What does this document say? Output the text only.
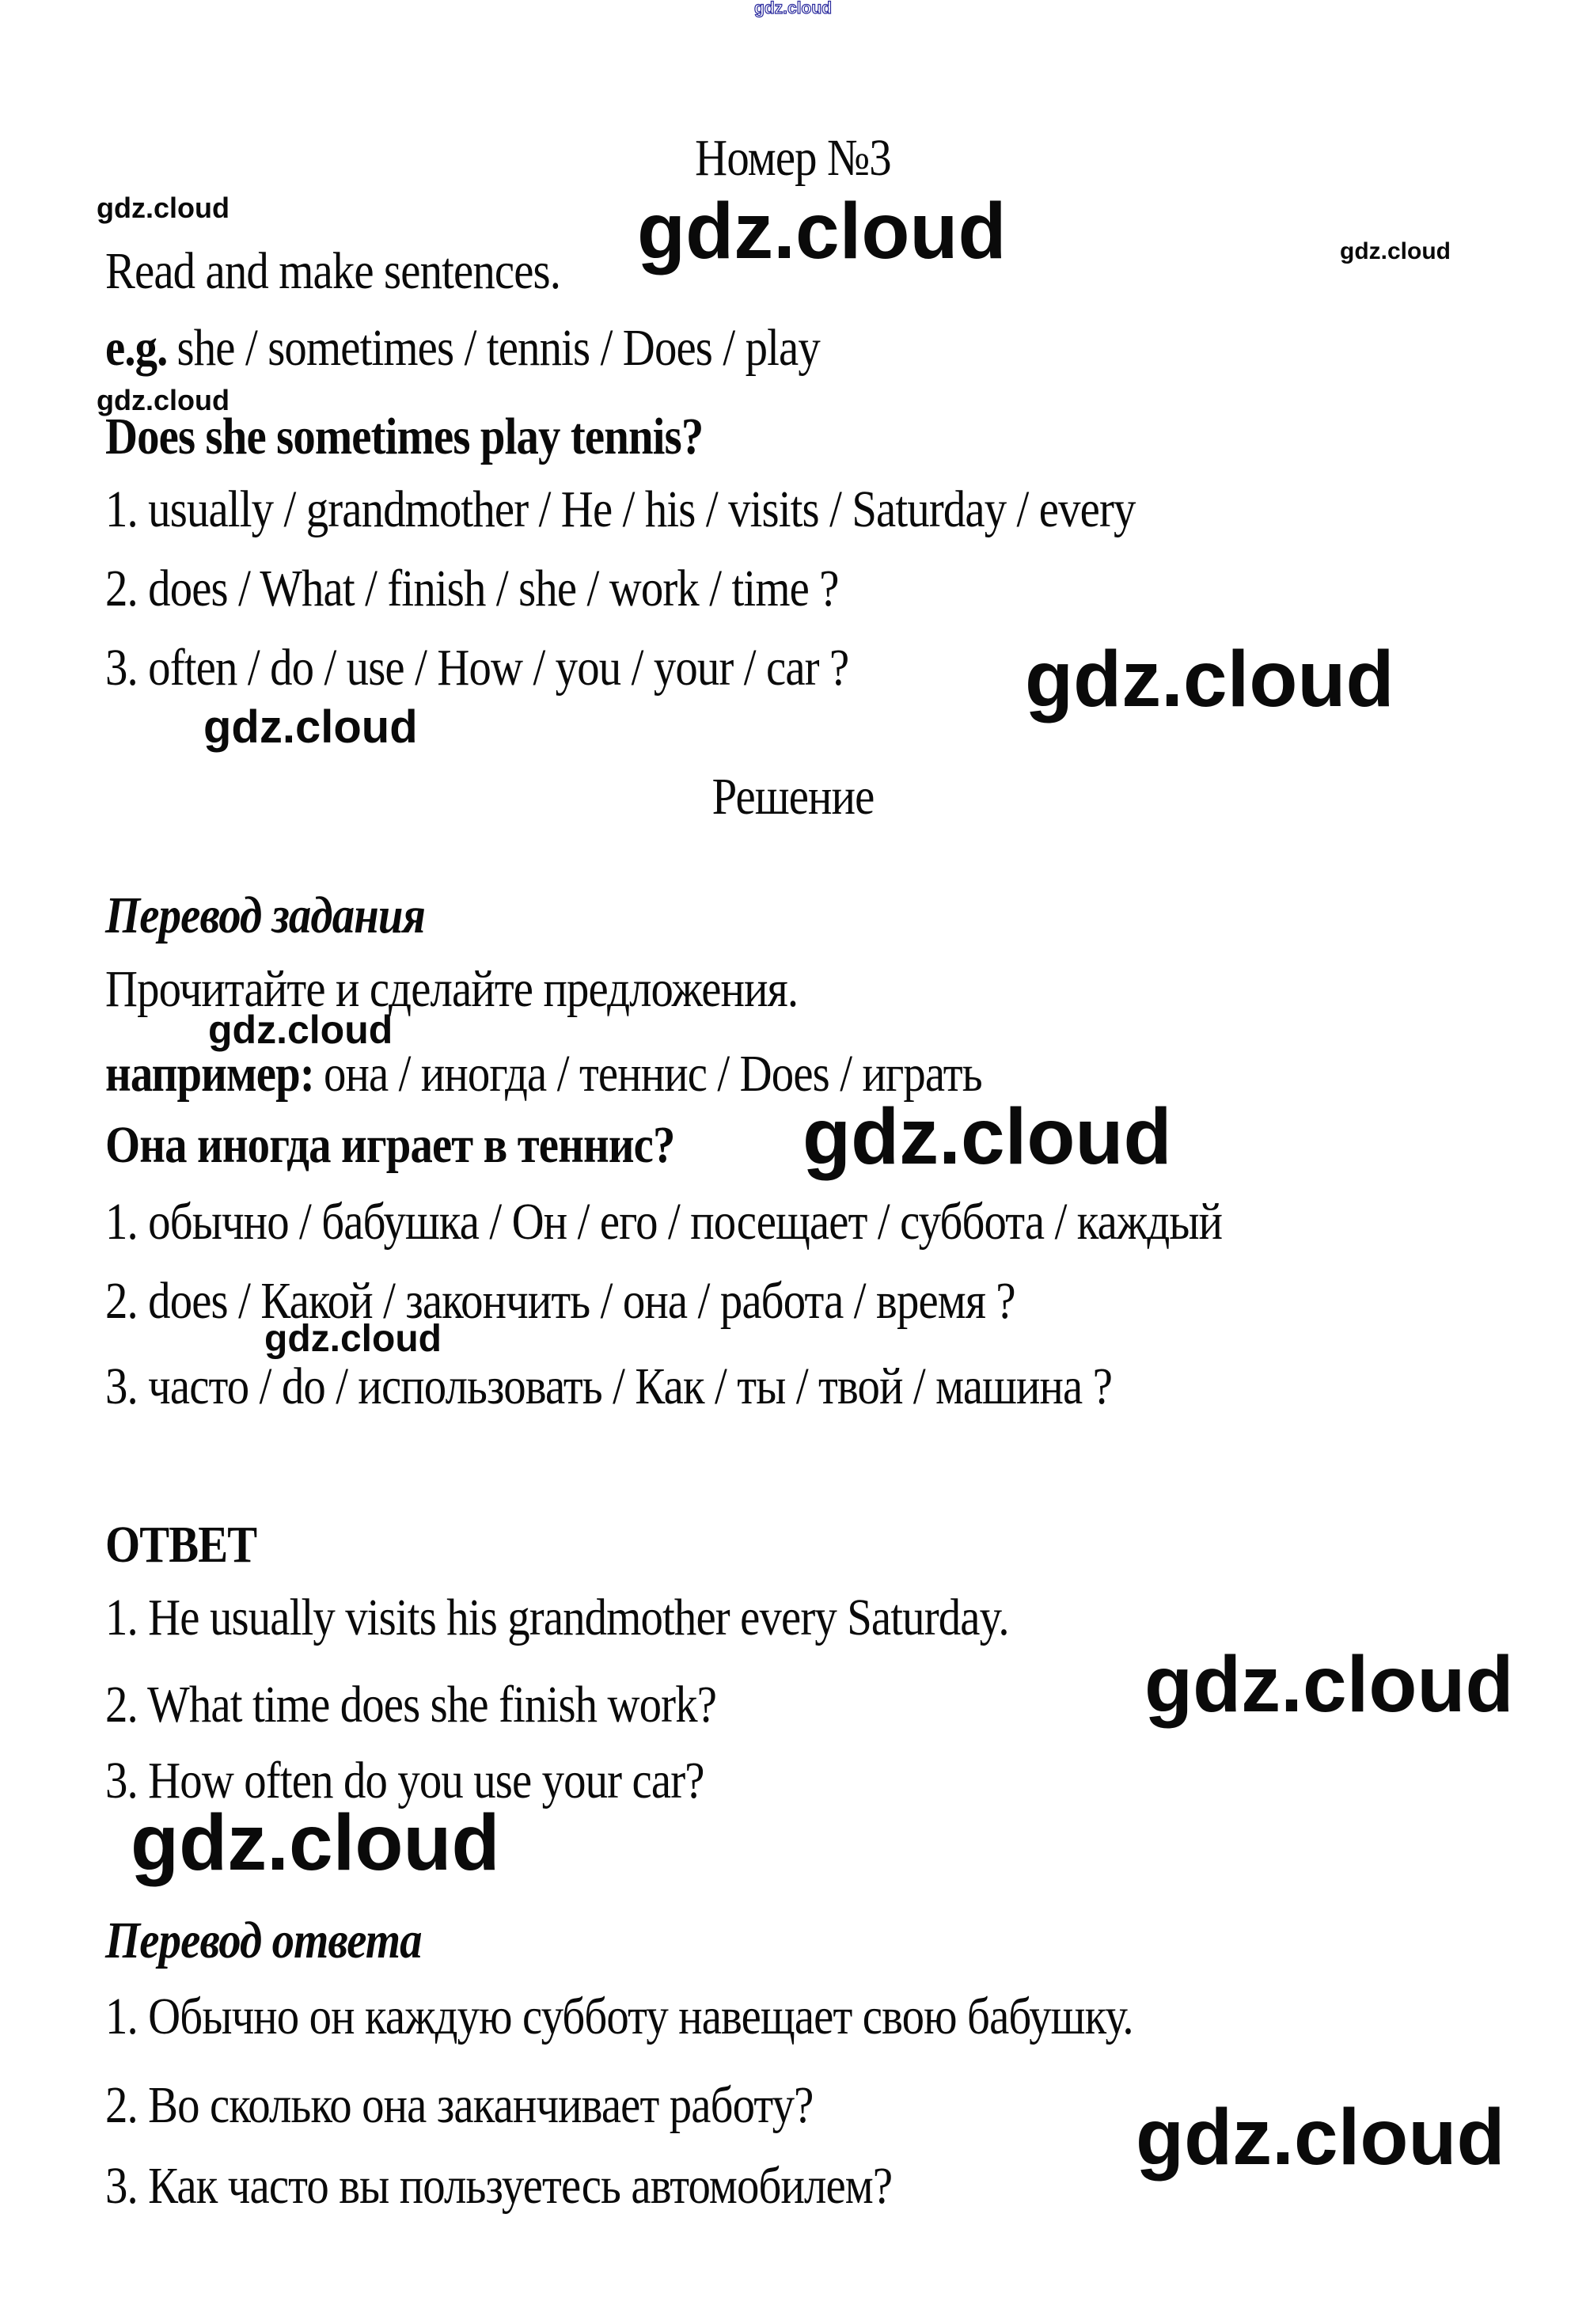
gdz.cloud
gdz.cloud	gdz.cloud	gdz.cloud
gdz.cloud
gdz.cloud
gdz.cloud
gdz.cloud
gdz.cloud
gdz.cloud
gdz.cloud
gdz.cloud
gdz.cloud
Номер №3
Read and make sentences.
e.g. she / sometimes / tennis / Does / play
Does she sometimes play tennis?
1. usually / grandmother / He / his / visits / Saturday / every
2. does / What / finish / she / work / time ?
3. often / do / use / How / you / your / car ?
Решение
Перевод задания
Прочитайте и сделайте предложения.
например: она / иногда / теннис / Does / играть
Она иногда играет в теннис?
1. обычно / бабушка / Он / его / посещает / суббота / каждый
2. does / Какой / закончить / она / работа / время ?
3. часто / do / использовать / Как / ты / твой / машина ?
ОТВЕТ
1. He usually visits his grandmother every Saturday.
2. What time does she finish work?
3. How often do you use your car?
Перевод ответа
1. Обычно он каждую субботу навещает свою бабушку.
2. Во сколько она заканчивает работу?
3. Как часто вы пользуетесь автомобилем?
